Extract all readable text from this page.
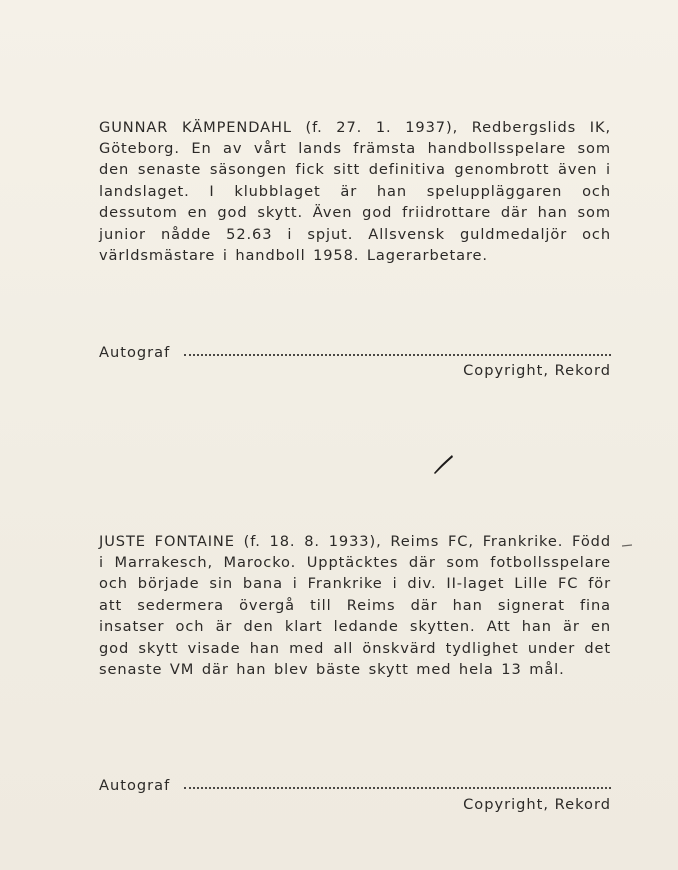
GUNNAR KÄMPENDAHL (f. 27. 1. 1937), Redbergslids IK, Göteborg. En av vårt lands främsta handbollsspelare som den senaste säsongen fick sitt definitiva genombrott även i landslaget. I klubblaget är han speluppläggaren och dessutom en god skytt. Även god friidrottare där han som junior nådde 52.63 i spjut. Allsvensk guldmedaljör och världsmästare i handboll 1958. Lagerarbetare.

Autograf
Copyright, Rekord

JUSTE FONTAINE (f. 18. 8. 1933), Reims FC, Frankrike. Född i Marrakesch, Marocko. Upptäcktes där som fotbollsspelare och började sin bana i Frankrike i div. II-laget Lille FC för att sedermera övergå till Reims där han signerat fina insatser och är den klart ledande skytten. Att han är en god skytt visade han med all önskvärd tydlighet under det senaste VM där han blev bäste skytt med hela 13 mål.

Autograf
Copyright, Rekord
